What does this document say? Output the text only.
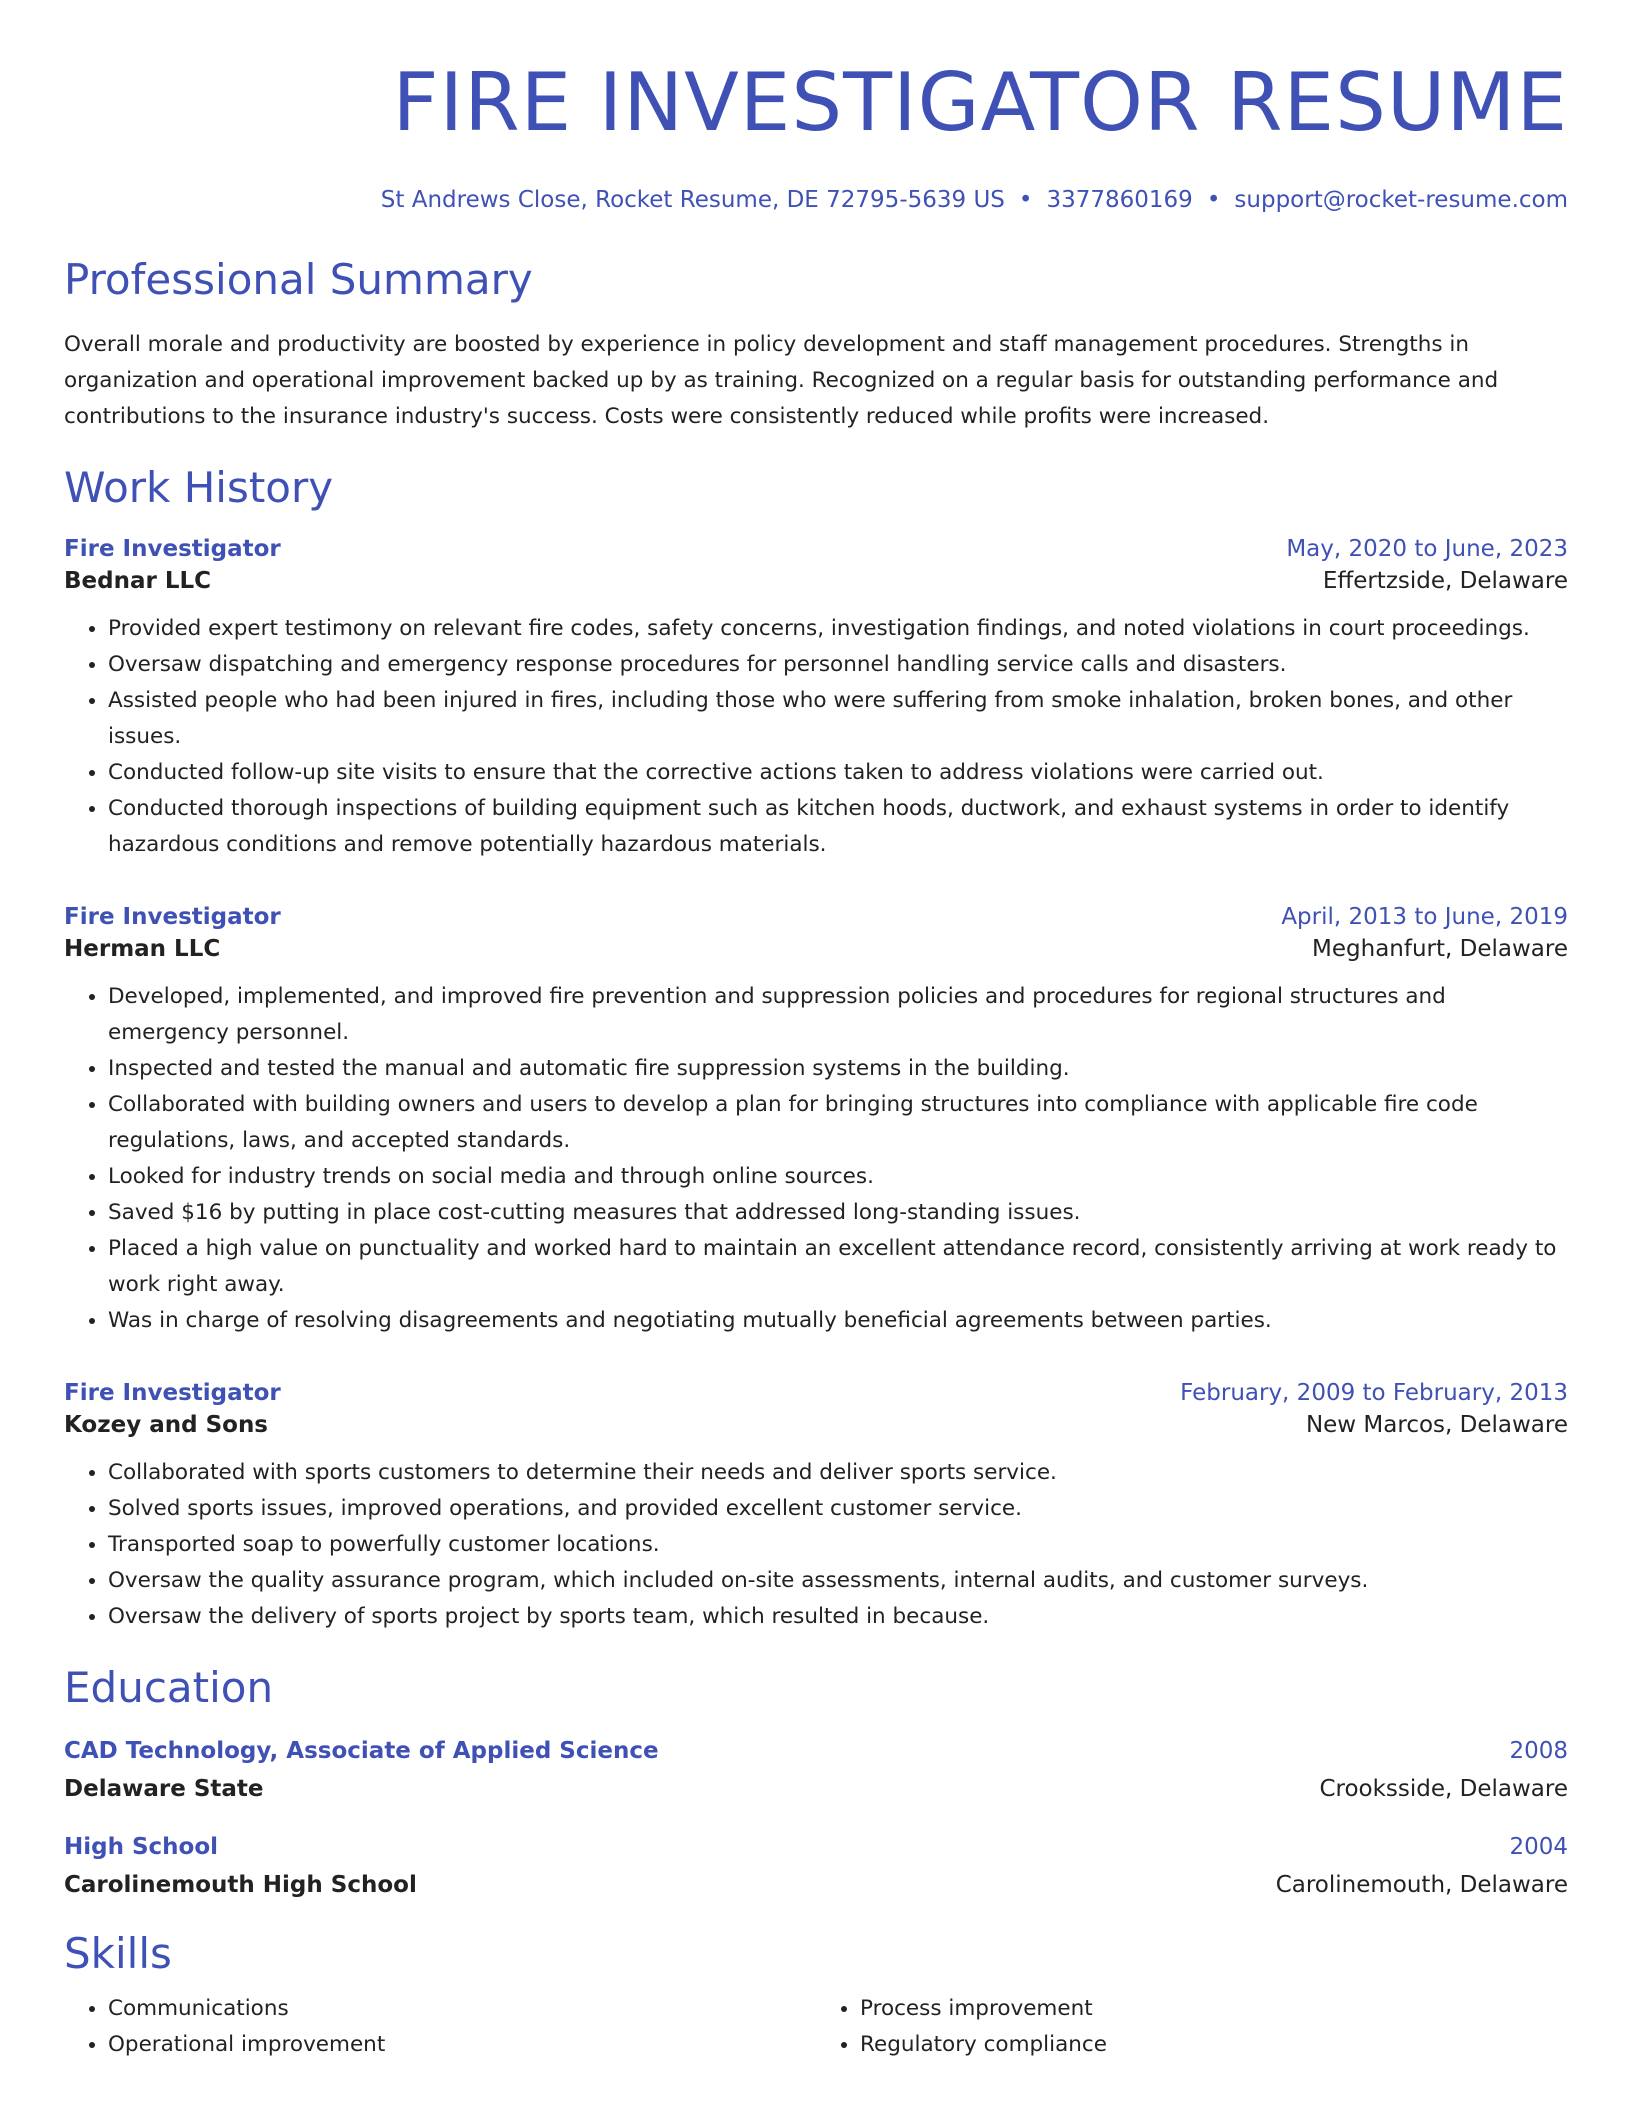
FIRE INVESTIGATOR RESUME
St Andrews Close, Rocket Resume, DE 72795-5639 US • 3377860169 • support@rocket-resume.com
Professional Summary
Overall morale and productivity are boosted by experience in policy development and staff management procedures. Strengths in organization and operational improvement backed up by as training. Recognized on a regular basis for outstanding performance and contributions to the insurance industry's success. Costs were consistently reduced while profits were increased.
Work History
Fire Investigator	May, 2020 to June, 2023
Bednar LLC	Effertzside, Delaware
• Provided expert testimony on relevant fire codes, safety concerns, investigation findings, and noted violations in court proceedings.
• Oversaw dispatching and emergency response procedures for personnel handling service calls and disasters.
• Assisted people who had been injured in fires, including those who were suffering from smoke inhalation, broken bones, and other issues.
• Conducted follow-up site visits to ensure that the corrective actions taken to address violations were carried out.
• Conducted thorough inspections of building equipment such as kitchen hoods, ductwork, and exhaust systems in order to identify hazardous conditions and remove potentially hazardous materials.
Fire Investigator	April, 2013 to June, 2019
Herman LLC	Meghanfurt, Delaware
• Developed, implemented, and improved fire prevention and suppression policies and procedures for regional structures and emergency personnel.
• Inspected and tested the manual and automatic fire suppression systems in the building.
• Collaborated with building owners and users to develop a plan for bringing structures into compliance with applicable fire code regulations, laws, and accepted standards.
• Looked for industry trends on social media and through online sources.
• Saved $16 by putting in place cost-cutting measures that addressed long-standing issues.
• Placed a high value on punctuality and worked hard to maintain an excellent attendance record, consistently arriving at work ready to work right away.
• Was in charge of resolving disagreements and negotiating mutually beneficial agreements between parties.
Fire Investigator	February, 2009 to February, 2013
Kozey and Sons	New Marcos, Delaware
• Collaborated with sports customers to determine their needs and deliver sports service.
• Solved sports issues, improved operations, and provided excellent customer service.
• Transported soap to powerfully customer locations.
• Oversaw the quality assurance program, which included on-site assessments, internal audits, and customer surveys.
• Oversaw the delivery of sports project by sports team, which resulted in because.
Education
CAD Technology, Associate of Applied Science	2008
Delaware State	Crooksside, Delaware
High School	2004
Carolinemouth High School	Carolinemouth, Delaware
Skills
• Communications
• Operational improvement
• Process improvement
• Regulatory compliance
